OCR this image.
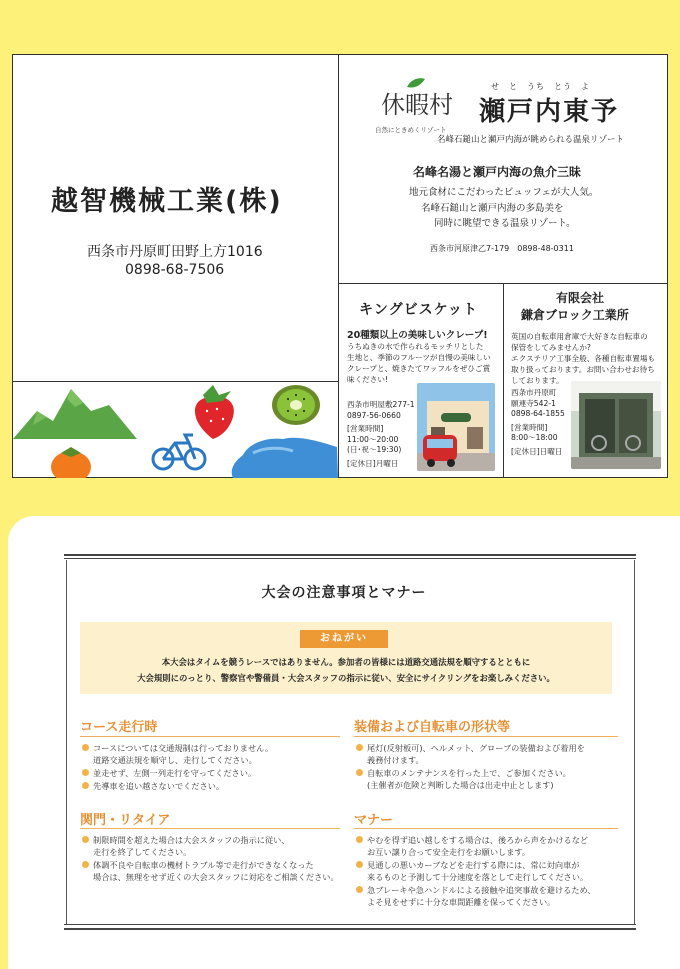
越智機械工業(株)
西条市丹原町田野上方1016
0898-68-7506
休暇村
自然にときめくリゾート
せ　と　うち　とう　よ
瀬戸内東予
名峰石鎚山と瀬戸内海が眺められる温泉リゾート
名峰名湯と瀬戸内海の魚介三昧
地元食材にこだわったビュッフェが大人気。
名峰石鎚山と瀬戸内海の多島美を
同時に眺望できる温泉リゾート。
西条市河原津乙7-179　0898-48-0311
キングビスケット
20種類以上の美味しいクレープ!
うちぬきの水で作られるモッチリとした
生地と、季節のフルーツが自慢の美味しい
クレープと、焼きたてワッフルをぜひご賞
味ください!
西条市明屋敷277-1
0897-56-0660
[営業時間]
11:00〜20:00
(日･祝〜19:30)
[定休日]月曜日
有限会社
鎌倉ブロック工業所
英国の自転車用倉庫で大好きな自転車の
保管をしてみませんか?
エクステリア工事全般、各種自転車置場も
取り扱っております。お問い合わせお待ち
しております。
西条市丹原町
願連寺542-1
0898-64-1855
[営業時間]
8:00〜18:00
[定休日]日曜日
大会の注意事項とマナー
おねがい
本大会はタイムを競うレースではありません。参加者の皆様には道路交通法規を順守するとともに
大会規則にのっとり、警察官や警備員・大会スタッフの指示に従い、安全にサイクリングをお楽しみください。
コース走行時
コースについては交通規制は行っておりません。
道路交通法規を順守し、走行してください。
並走せず、左側一列走行を守ってください。
先導車を追い越さないでください。
装備および自転車の形状等
尾灯(反射板可)、ヘルメット、グローブの装備および着用を
義務付けます。
自転車のメンテナンスを行った上で、ご参加ください。
(主催者が危険と判断した場合は出走中止とします)
関門・リタイア
制限時間を超えた場合は大会スタッフの指示に従い、
走行を終了してください。
体調不良や自転車の機材トラブル等で走行ができなくなった
場合は、無理をせず近くの大会スタッフに対応をご相談ください。
マナー
やむを得ず追い越しをする場合は、後ろから声をかけるなど
お互い譲り合って安全走行をお願いします。
見通しの悪いカーブなどを走行する際には、常に対向車が
来るものと予測して十分速度を落として走行してください。
急ブレーキや急ハンドルによる接触や追突事故を避けるため、
よそ見をせずに十分な車間距離を保ってください。
